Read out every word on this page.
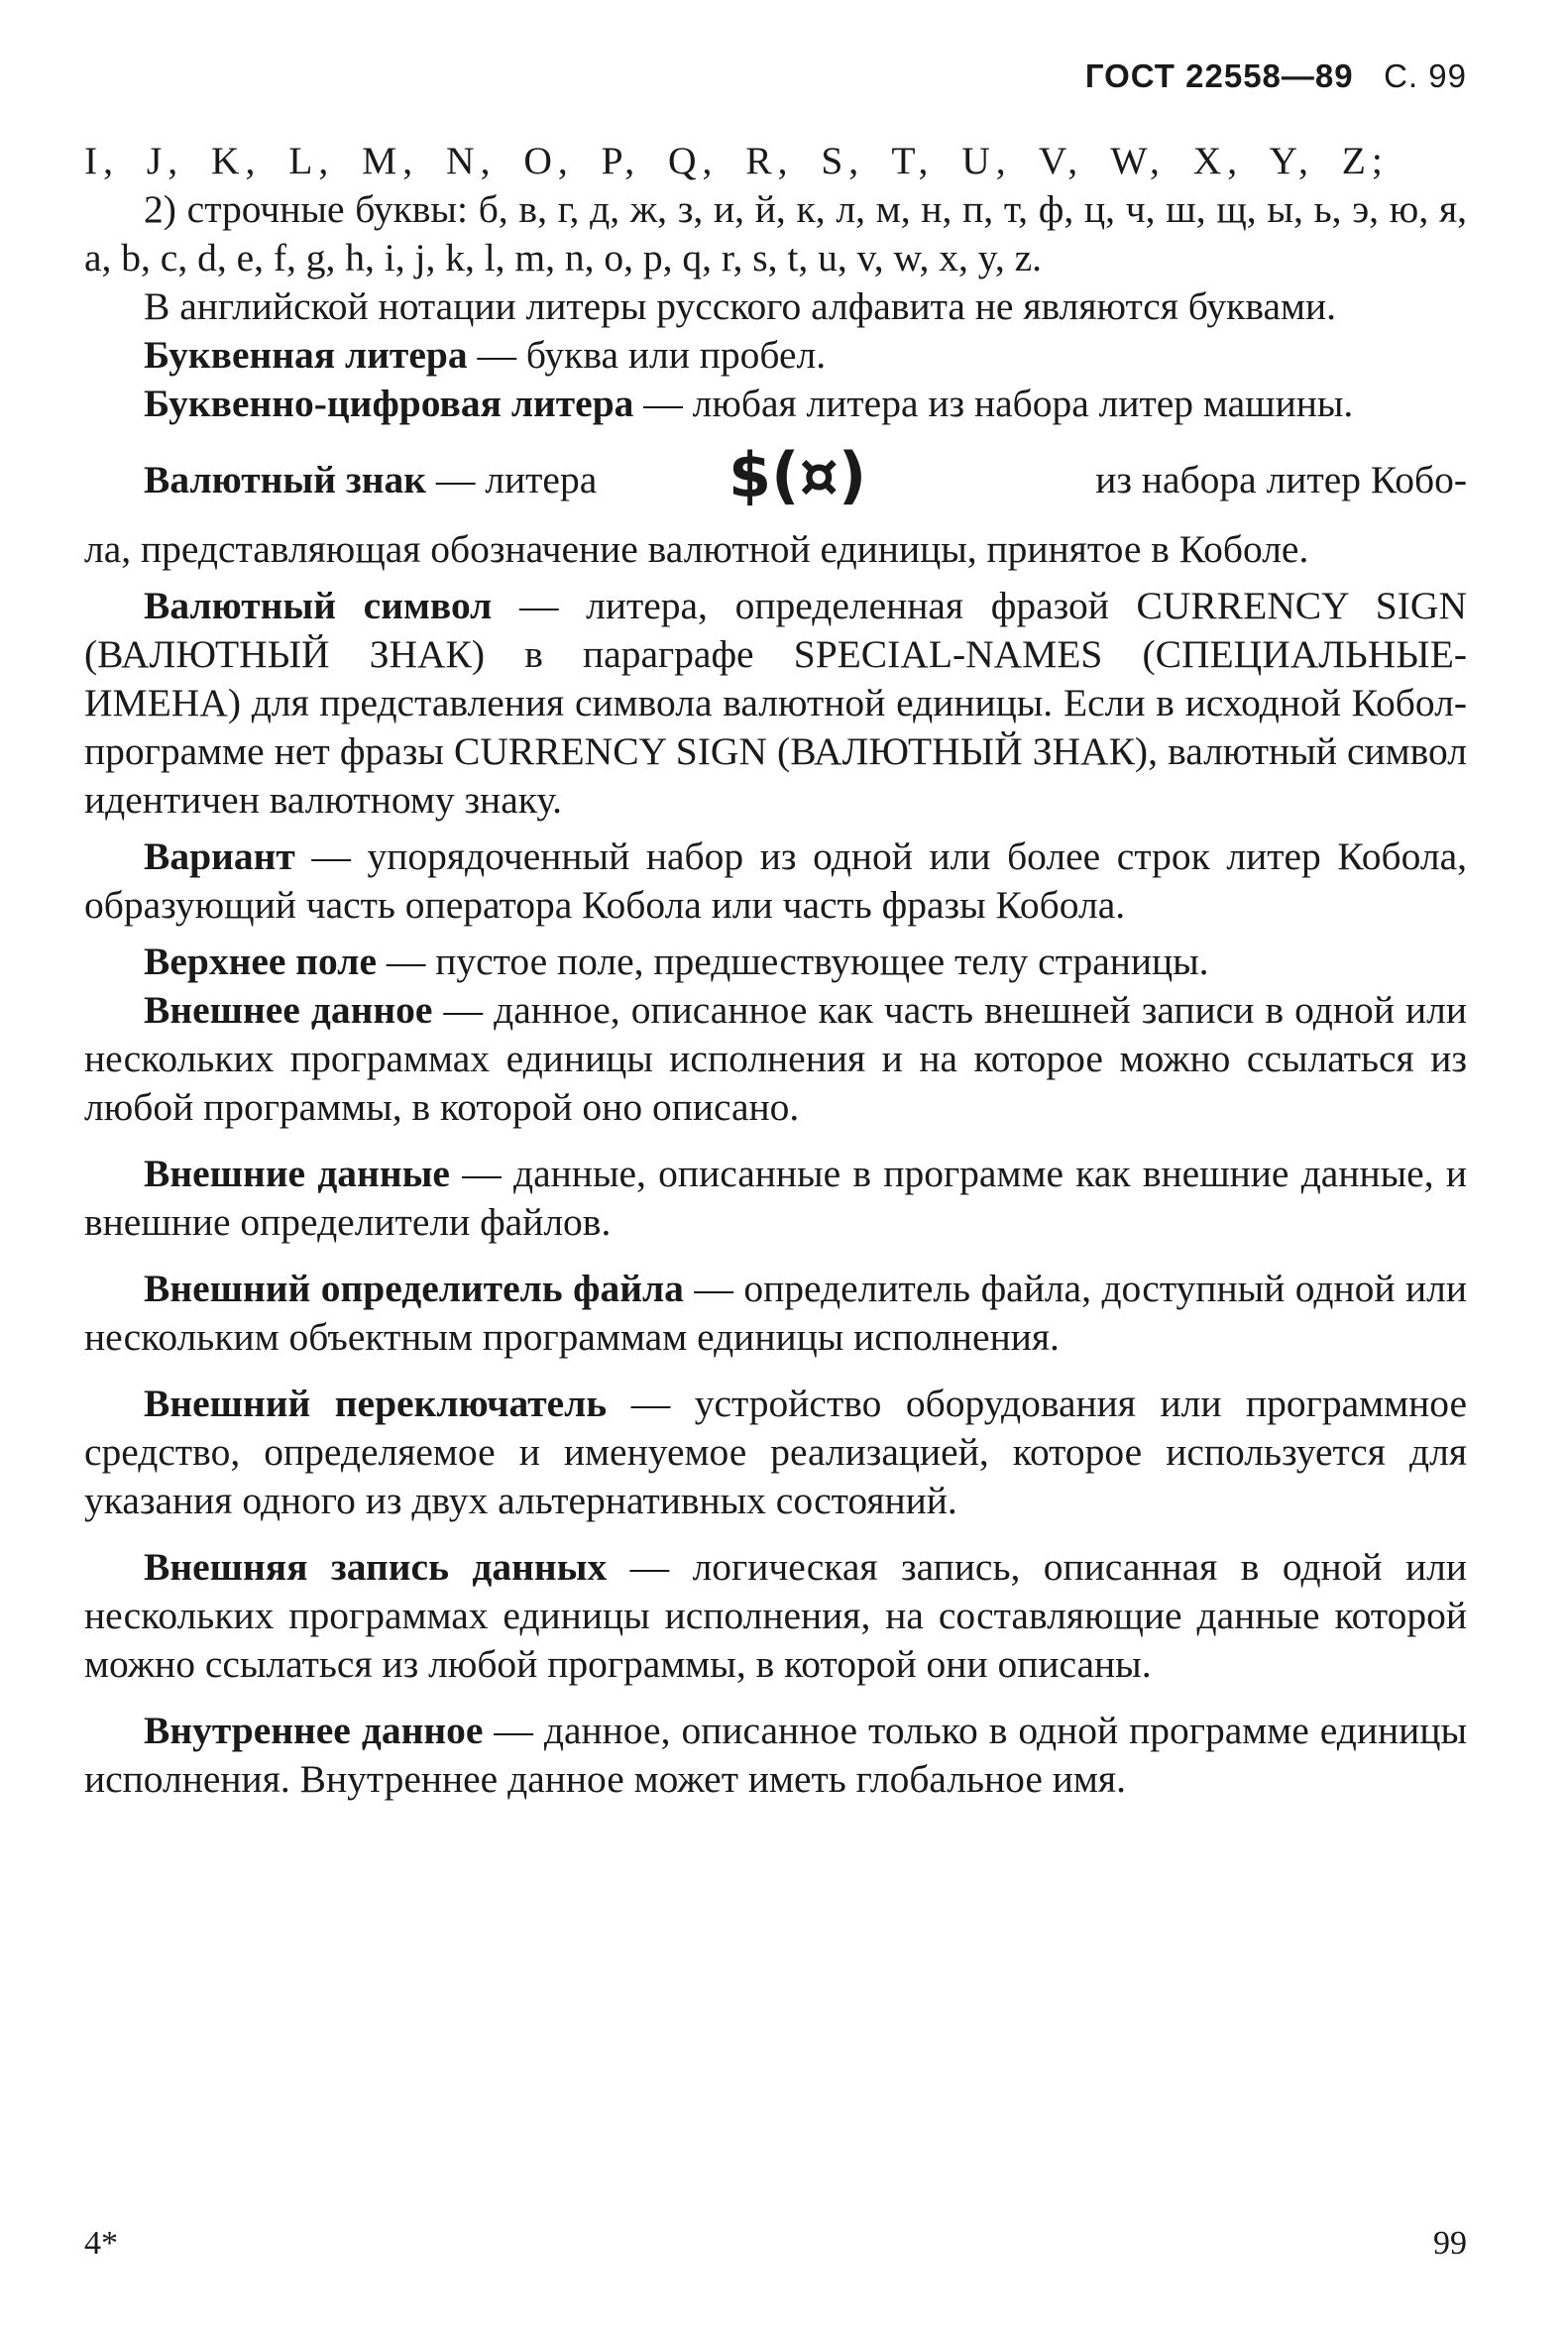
ГОСТ 22558—89 С. 99

I, J, K, L, M, N, O, P, Q, R, S, T, U, V, W, X, Y, Z;

2) строчные буквы: б, в, г, д, ж, з, и, й, к, л, м, н, п, т, ф, ц, ч, ш, щ, ы, ь, э, ю, я, a, b, c, d, e, f, g, h, i, j, k, l, m, n, o, p, q, r, s, t, u, v, w, x, y, z.

В английской нотации литеры русского алфавита не являются буквами.

Буквенная литера — буква или пробел.

Буквенно-цифровая литера — любая литера из набора литер машины.

Валютный знак — литера $(¤)	из набора литер Кобо-

ла, представляющая обозначение валютной единицы, принятое в Коболе.

Валютный символ — литера, определенная фразой CURRENCY SIGN (ВАЛЮТНЫЙ ЗНАК) в параграфе SPECIAL-NAMES (СПЕЦИАЛЬНЫЕ-ИМЕНА) для представления символа валютной единицы. Если в исходной Кобол-программе нет фразы CURRENCY SIGN (ВАЛЮТНЫЙ ЗНАК), валютный символ идентичен валютному знаку.

Вариант — упорядоченный набор из одной или более строк литер Кобола, образующий часть оператора Кобола или часть фразы Кобола.

Верхнее поле — пустое поле, предшествующее телу страницы.

Внешнее данное — данное, описанное как часть внешней записи в одной или нескольких программах единицы исполнения и на которое можно ссылаться из любой программы, в которой оно описано.

Внешние данные — данные, описанные в программе как внешние данные, и внешние определители файлов.

Внешний определитель файла — определитель файла, доступный одной или нескольким объектным программам единицы исполнения.

Внешний переключатель — устройство оборудования или программное средство, определяемое и именуемое реализацией, которое используется для указания одного из двух альтернативных состояний.

Внешняя запись данных — логическая запись, описанная в одной или нескольких программах единицы исполнения, на составляющие данные которой можно ссылаться из любой программы, в которой они описаны.

Внутреннее данное — данное, описанное только в одной программе единицы исполнения. Внутреннее данное может иметь глобальное имя.

4*	99
